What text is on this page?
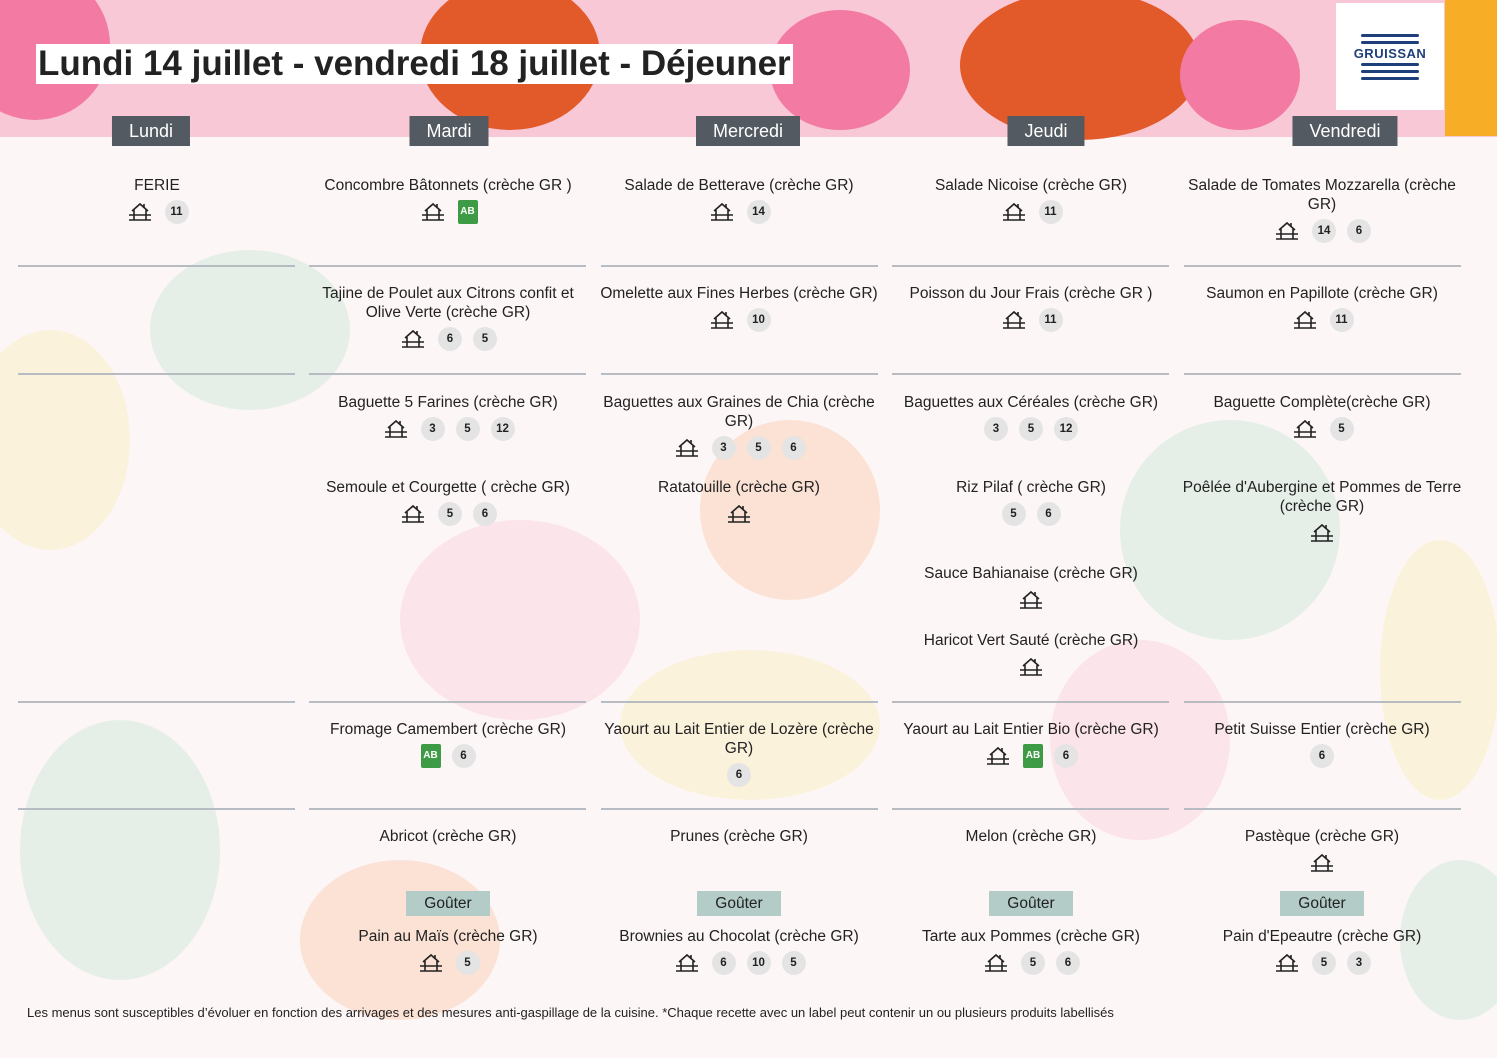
Lundi 14 juillet - vendredi 18 juillet - Déjeuner	GRUISSAN
Lundi	Mardi	Mercredi	Jeudi	Vendredi
Goûter	Goûter	Goûter	Goûter
FERIE
11
Concombre Bâtonnets (crèche GR )
AB
Tajine de Poulet aux Citrons confit et Olive Verte (crèche GR)
6	5
Baguette 5 Farines (crèche GR)
3	5	12
Semoule et Courgette ( crèche GR)
5	6
Fromage Camembert (crèche GR)
AB	6
Abricot (crèche GR)
Pain au Maïs (crèche GR)
5
Salade de Betterave (crèche GR)
14
Omelette aux Fines Herbes (crèche GR)
10
Baguettes aux Graines de Chia (crèche GR)
3	5	6
Ratatouille (crèche GR)
Yaourt au Lait Entier de Lozère (crèche GR)
6
Prunes (crèche GR)
Brownies au Chocolat (crèche GR)
6	10	5
Salade Nicoise (crèche GR)
11
Poisson du Jour Frais (crèche GR )
11
Baguettes aux Céréales (crèche GR)
3	5	12
Riz Pilaf ( crèche GR)
5	6
Sauce Bahianaise (crèche GR)
Haricot Vert Sauté (crèche GR)
Yaourt au Lait Entier Bio (crèche GR)
AB	6
Melon (crèche GR)
Tarte aux Pommes (crèche GR)
5	6
Salade de Tomates Mozzarella (crèche GR)
14	6
Saumon en Papillote (crèche GR)
11
Baguette Complète(crèche GR)
5
Poêlée d'Aubergine et Pommes de Terre (crèche GR)
Petit Suisse Entier (crèche GR)
6
Pastèque (crèche GR)
Pain d'Epeautre (crèche GR)
5	3
Les menus sont susceptibles d’évoluer en fonction des arrivages et des mesures anti-gaspillage de la cuisine. *Chaque recette avec un label peut contenir un ou plusieurs produits labellisés
